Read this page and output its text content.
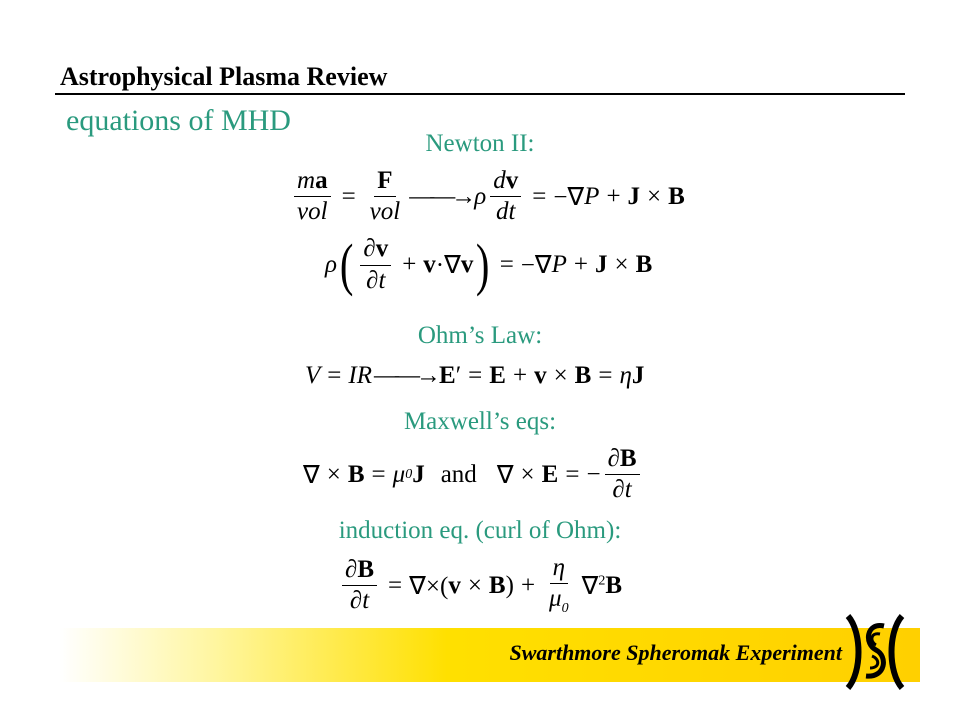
Astrophysical Plasma Review
equations of MHD
Newton II:
$\frac{ma}{\text{vol}} = \frac{F}{\text{vol}}$ ——→ ρ $\frac{dv}{dt}$ = −∇ P + J × B
ρ ( $\frac{\partial v}{\partial t} + v$ ·∇ v ) = −∇ P + J × B
Ohm’s Law:
V = IR ——→ E ′ = E + v × B = η J
Maxwell’s eqs:
∇ × B = μ 0 J and ∇ × E = − $\frac{\partial B}{\partial t}$
induction eq. (curl of Ohm):
$\frac{\partial B}{\partial t}$ = ∇×( v × B ) + $\frac{\eta}{\mu_0} \nabla^2$ B
Swarthmore Spheromak Experiment
